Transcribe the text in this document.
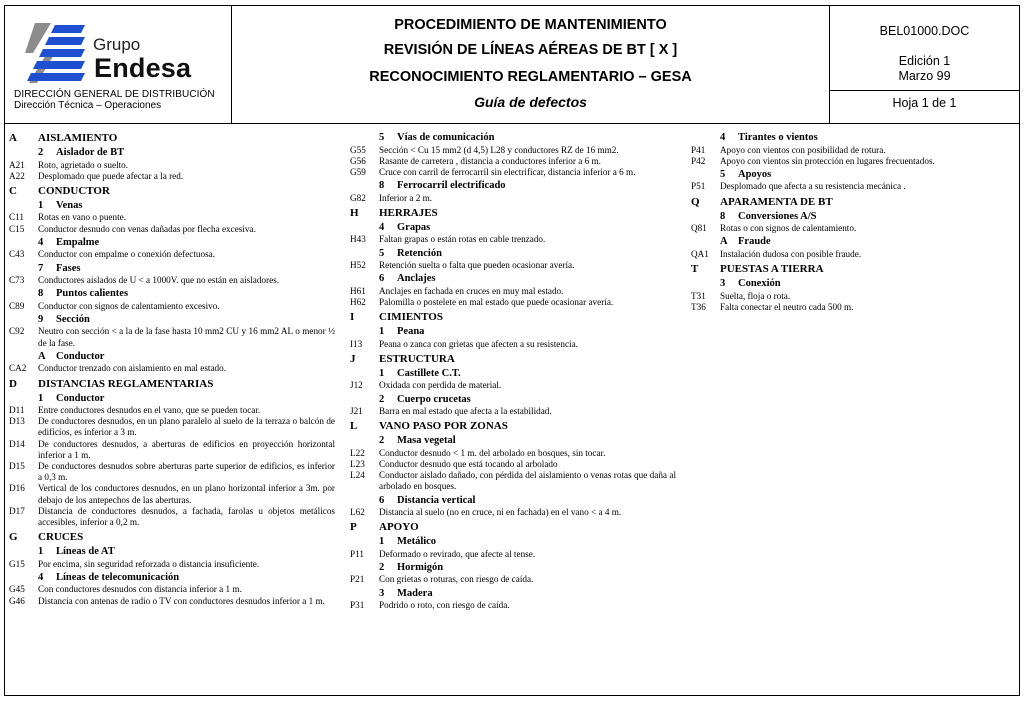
Grupo
Endesa
DIRECCIÓN GENERAL DE DISTRIBUCIÓN
Dirección Técnica – Operaciones
PROCEDIMIENTO DE MANTENIMIENTO
REVISIÓN DE LÍNEAS AÉREAS DE BT [ X ]
RECONOCIMIENTO REGLAMENTARIO – GESA
Guía de defectos
BEL01000.DOC
Edición 1
Marzo 99
Hoja 1 de 1
A	AISLAMIENTO
2	Aislador de BT
A21	Roto, agrietado o suelto.
A22	Desplomado que puede afectar a la red.
C	CONDUCTOR
1	Venas
C11	Rotas en vano o puente.
C15	Conductor desnudo con venas dañadas por flecha excesiva.
4	Empalme
C43	Conductor con empalme o conexión defectuosa.
7	Fases
C73	Conductores aislados de U < a 1000V. que no están en aisladores.
8	Puntos calientes
C89	Conductor con signos de calentamiento excesivo.
9	Sección
C92	Neutro con sección < a la de la fase hasta 10 mm2 CU y 16 mm2 AL o menor ½ de la fase.
A Conductor
CA2	Conductor trenzado con aislamiento en mal estado.
D	DISTANCIAS REGLAMENTARIAS
1	Conductor
D11	Entre conductores desnudos en el vano, que se pueden tocar.
D13	De conductores desnudos, en un plano paralelo al suelo de la terraza o balcón de edificios, es inferior a 3 m.
D14	De conductores desnudos, a aberturas de edificios en proyección horizontal inferior a 1 m.
D15	De conductores desnudos sobre aberturas parte superior de edificios, es inferior a 0,3 m.
D16	Vertical de los conductores desnudos, en un plano horizontal inferior a 3m. por debajo de los antepechos de las aberturas.
D17	Distancia de conductores desnudos, a fachada, farolas u objetos metálicos accesibles, inferior a 0,2 m.
G	CRUCES
1	Líneas de AT
G15	Por encima, sin seguridad reforzada o distancia insuficiente.
4	Líneas de telecomunicación
G45	Con conductores desnudos con distancia inferior a 1 m.
G46	Distancia con antenas de radio o TV con conductores desnudos inferior a 1 m.
5	Vías de comunicación
G55	Sección < Cu 15 mm2 (d 4,5) L28 y conductores RZ de 16 mm2.
G56	Rasante de carretera , distancia a conductores inferior a 6 m.
G59	Cruce con carril de ferrocarril sin electrificar, distancia inferior a 6 m.
8	Ferrocarril electrificado
G82	Inferior a 2 m.
H	HERRAJES
4	Grapas
H43	Faltan grapas o están rotas en cable trenzado.
5	Retención
H52	Retención suelta o falta que pueden ocasionar avería.
6	Anclajes
H61	Anclajes en fachada en cruces en muy mal estado.
H62	Palomilla o postelete en mal estado que puede ocasionar avería.
I	CIMIENTOS
1	Peana
I13	Peana o zanca con grietas que afecten a su resistencia.
J	ESTRUCTURA
1	Castillete C.T.
J12	Oxidada con perdida de material.
2	Cuerpo crucetas
J21	Barra en mal estado que afecta a la estabilidad.
L	VANO PASO POR ZONAS
2	Masa vegetal
L22	Conductor desnudo < 1 m. del arbolado en bosques, sin tocar.
L23	Conductor desnudo que está tocando al arbolado
L24	Conductor aislado dañado, con pérdida del aislamiento o venas rotas que daña al arbolado en bosques.
6	Distancia vertical
L62	Distancia al suelo (no en cruce, ni en fachada) en el vano < a 4 m.
P	APOYO
1	Metálico
P11	Deformado o revirado, que afecte al tense.
2	Hormigón
P21	Con grietas o roturas, con riesgo de caída.
3	Madera
P31	Podrido o roto, con riesgo de caída.
4	Tirantes o vientos
P41	Apoyo con vientos con posibilidad de rotura.
P42	Apoyo con vientos sin protección en lugares frecuentados.
5	Apoyos
P51	Desplomado que afecta a su resistencia mecánica .
Q	APARAMENTA DE BT
8	Conversiones A/S
Q81	Rotas o con signos de calentamiento.
A Fraude
QA1	Instalación dudosa con posible fraude.
T	PUESTAS A TIERRA
3	Conexión
T31	Suelta, floja o rota.
T36	Falta conectar el neutro cada 500 m.
